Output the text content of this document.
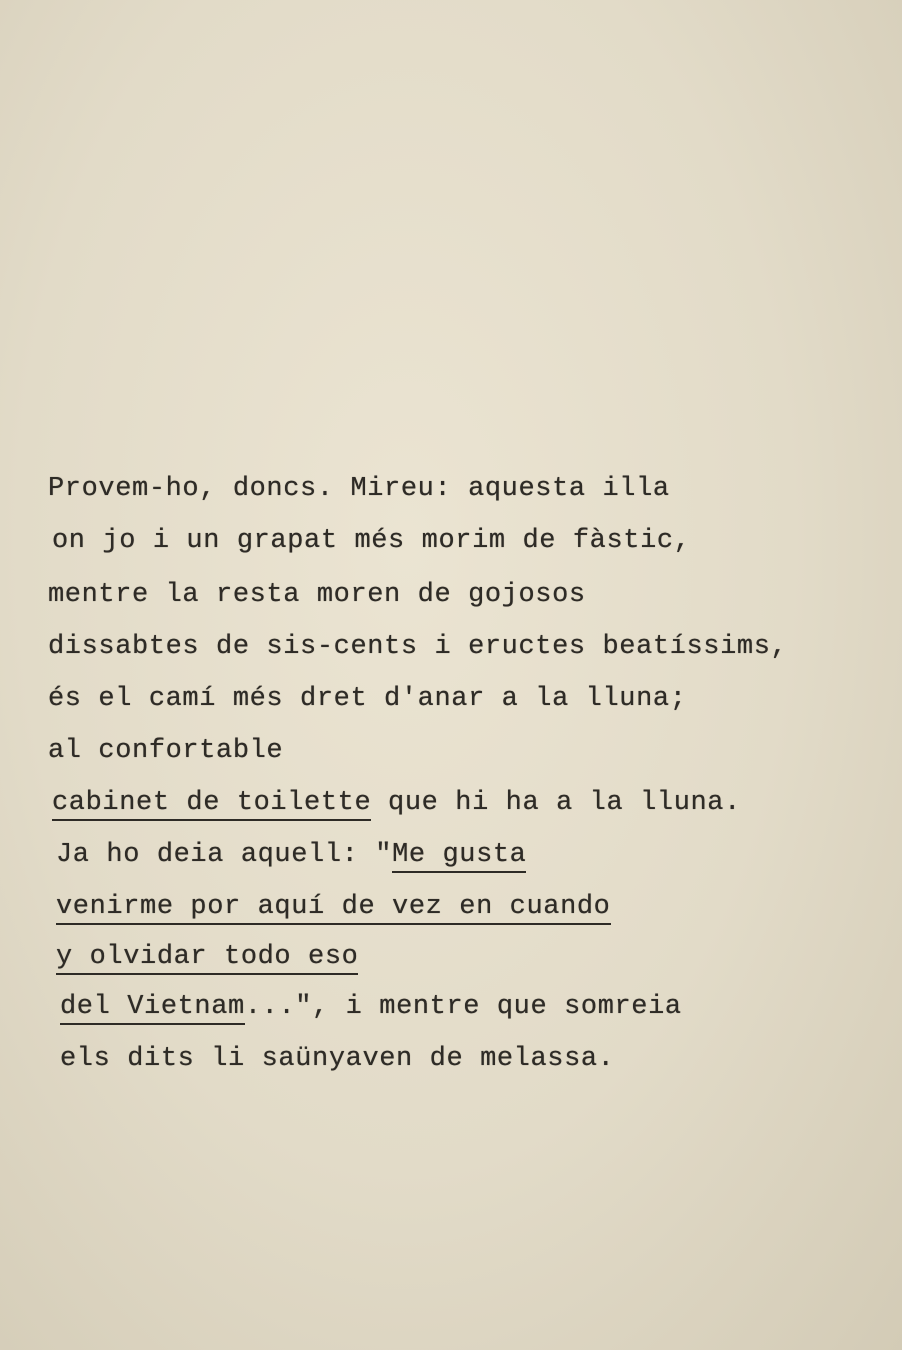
Provem-ho, doncs. Mireu: aquesta illa
on jo i un grapat més morim de fàstic,
mentre la resta moren de gojosos
dissabtes de sis-cents i eructes beatíssims,
és el camí més dret d'anar a la lluna;
al confortable
cabinet de toilette que hi ha a la lluna.
Ja ho deia aquell: "Me gusta
venirme por aquí de vez en cuando
y olvidar todo eso
del Vietnam...", i mentre que somreia
els dits li saünyaven de melassa.
